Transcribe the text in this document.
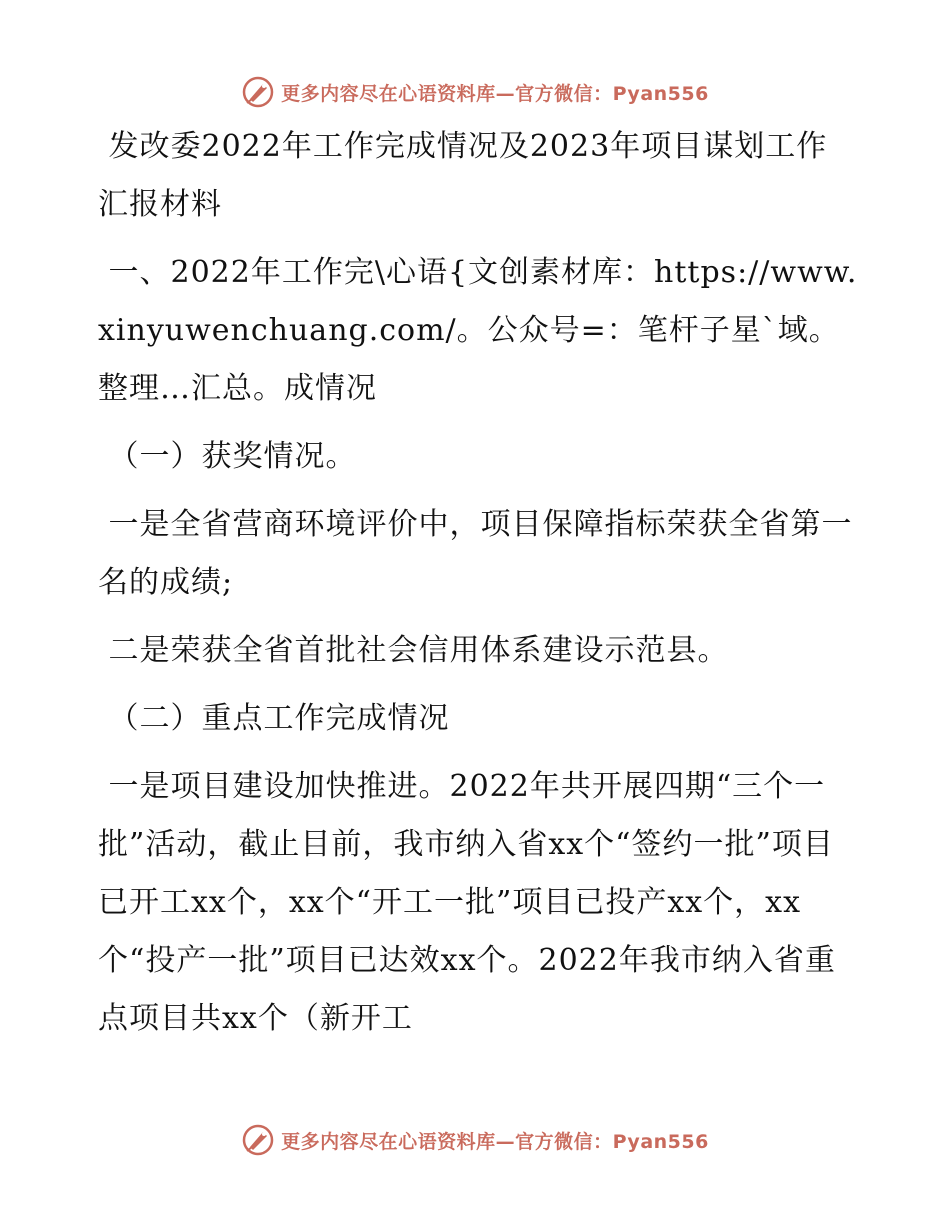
更多内容尽在心语资料库—官方微信：Pyan556

发改委2022年工作完成情况及2023年项目谋划工作汇报材料

一、2022年工作完\心语{文创素材库：https://www.xinyuwenchuang.com/。公众号=：笔杆子星`域。整理…汇总。成情况

（一）获奖情况。

一是全省营商环境评价中，项目保障指标荣获全省第一名的成绩;

二是荣获全省首批社会信用体系建设示范县。

（二）重点工作完成情况

一是项目建设加快推进。2022年共开展四期“三个一批”活动，截止目前，我市纳入省xx个“签约一批”项目已开工xx个，xx个“开工一批”项目已投产xx个，xx个“投产一批”项目已达效xx个。2022年我市纳入省重点项目共xx个（新开工

更多内容尽在心语资料库—官方微信：Pyan556
